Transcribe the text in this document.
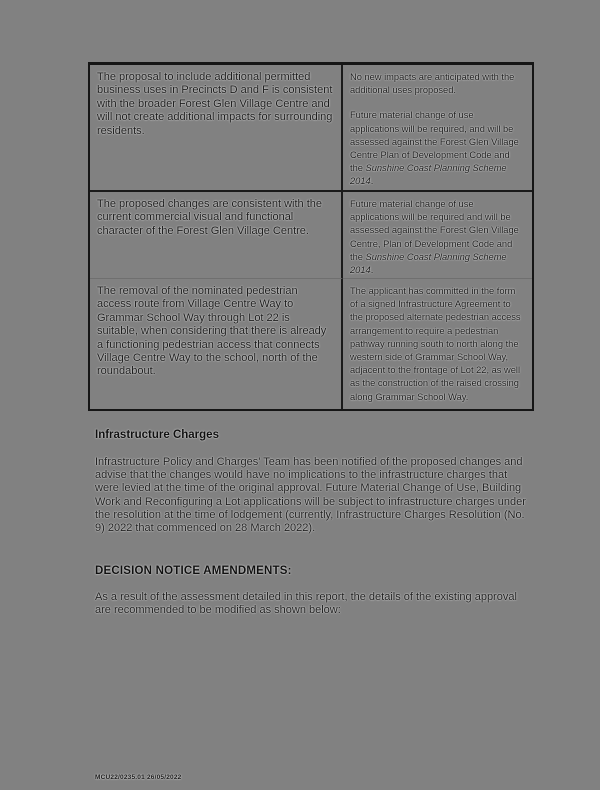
The proposal to include additional permitted business uses in Precincts D and F is consistent with the broader Forest Glen Village Centre and will not create additional impacts for surrounding residents.

No new impacts are anticipated with the additional uses proposed.

Future material change of use applications will be required, and will be assessed against the Forest Glen Village Centre Plan of Development Code and the Sunshine Coast Planning Scheme 2014.

The proposed changes are consistent with the current commercial visual and functional character of the Forest Glen Village Centre.

Future material change of use applications will be required and will be assessed against the Forest Glen Village Centre, Plan of Development Code and the Sunshine Coast Planning Scheme 2014.

The removal of the nominated pedestrian access route from Village Centre Way to Grammar School Way through Lot 22 is suitable, when considering that there is already a functioning pedestrian access that connects Village Centre Way to the school, north of the roundabout.

The applicant has committed in the form of a signed Infrastructure Agreement to the proposed alternate pedestrian access arrangement to require a pedestrian pathway running south to north along the western side of Grammar School Way, adjacent to the frontage of Lot 22, as well as the construction of the raised crossing along Grammar School Way.

Infrastructure Charges

Infrastructure Policy and Charges' Team has been notified of the proposed changes and advise that the changes would have no implications to the infrastructure charges that were levied at the time of the original approval. Future Material Change of Use, Building Work and Reconfiguring a Lot applications will be subject to infrastructure charges under the resolution at the time of lodgement (currently, Infrastructure Charges Resolution (No. 9) 2022 that commenced on 28 March 2022).

DECISION NOTICE AMENDMENTS:

As a result of the assessment detailed in this report, the details of the existing approval are recommended to be modified as shown below:

MCU22/0235.01 26/05/2022
